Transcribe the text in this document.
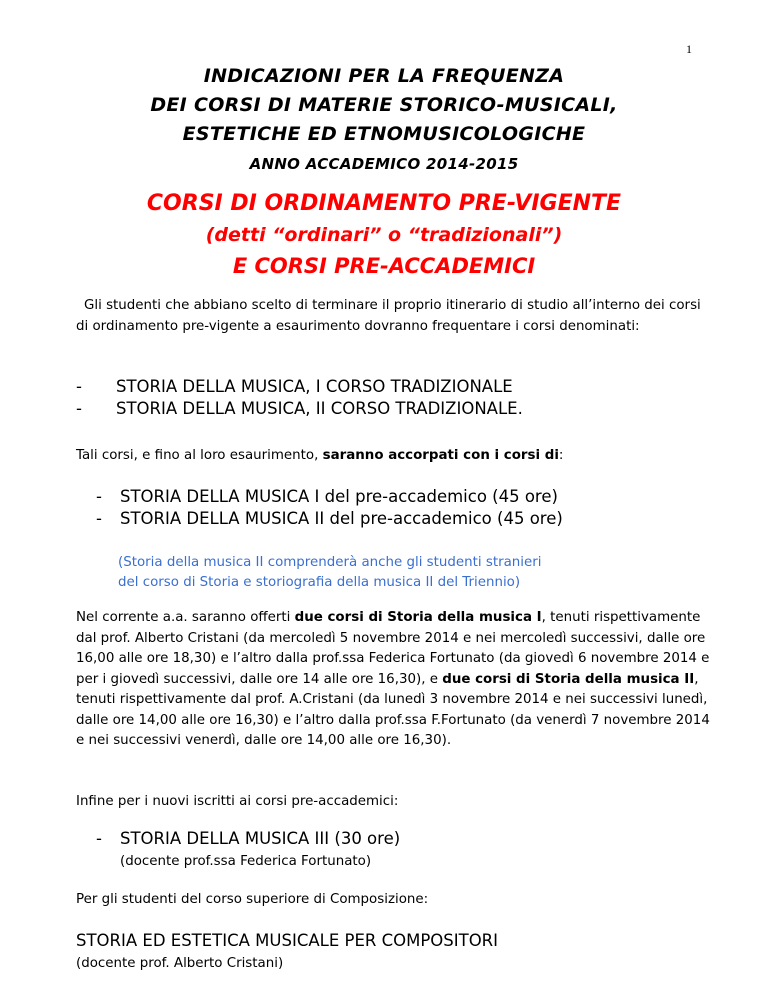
1
INDICAZIONI PER LA FREQUENZA
DEI CORSI DI MATERIE STORICO-MUSICALI,
ESTETICHE ED ETNOMUSICOLOGICHE
ANNO ACCADEMICO 2014-2015
CORSI DI ORDINAMENTO PRE-VIGENTE
(detti “ordinari” o “tradizionali”)
E CORSI PRE-ACCADEMICI
Gli studenti che abbiano scelto di terminare il proprio itinerario di studio all’interno dei corsi di ordinamento pre-vigente a esaurimento dovranno frequentare i corsi denominati:
-	STORIA DELLA MUSICA, I CORSO TRADIZIONALE
-	STORIA DELLA MUSICA, II CORSO TRADIZIONALE.
Tali corsi, e fino al loro esaurimento, saranno accorpati con i corsi di:
-	STORIA DELLA MUSICA I del pre-accademico (45 ore)
-	STORIA DELLA MUSICA II del pre-accademico (45 ore)
(Storia della musica II comprenderà anche gli studenti stranieri
del corso di Storia e storiografia della musica II del Triennio)
Nel corrente a.a. saranno offerti due corsi di Storia della musica I, tenuti rispettivamente dal prof. Alberto Cristani (da mercoledì 5 novembre 2014 e nei mercoledì successivi, dalle ore 16,00 alle ore 18,30) e l’altro dalla prof.ssa Federica Fortunato (da giovedì 6 novembre 2014 e per i giovedì successivi, dalle ore 14 alle ore 16,30), e due corsi di Storia della musica II, tenuti rispettivamente dal prof. A.Cristani (da lunedì 3 novembre 2014 e nei successivi lunedì, dalle ore 14,00 alle ore 16,30) e l’altro dalla prof.ssa F.Fortunato (da venerdì 7 novembre 2014 e nei successivi venerdì, dalle ore 14,00 alle ore 16,30).
Infine per i nuovi iscritti ai corsi pre-accademici:
-	STORIA DELLA MUSICA III (30 ore)
(docente prof.ssa Federica Fortunato)
Per gli studenti del corso superiore di Composizione:
STORIA ED ESTETICA MUSICALE PER COMPOSITORI
(docente prof. Alberto Cristani)
